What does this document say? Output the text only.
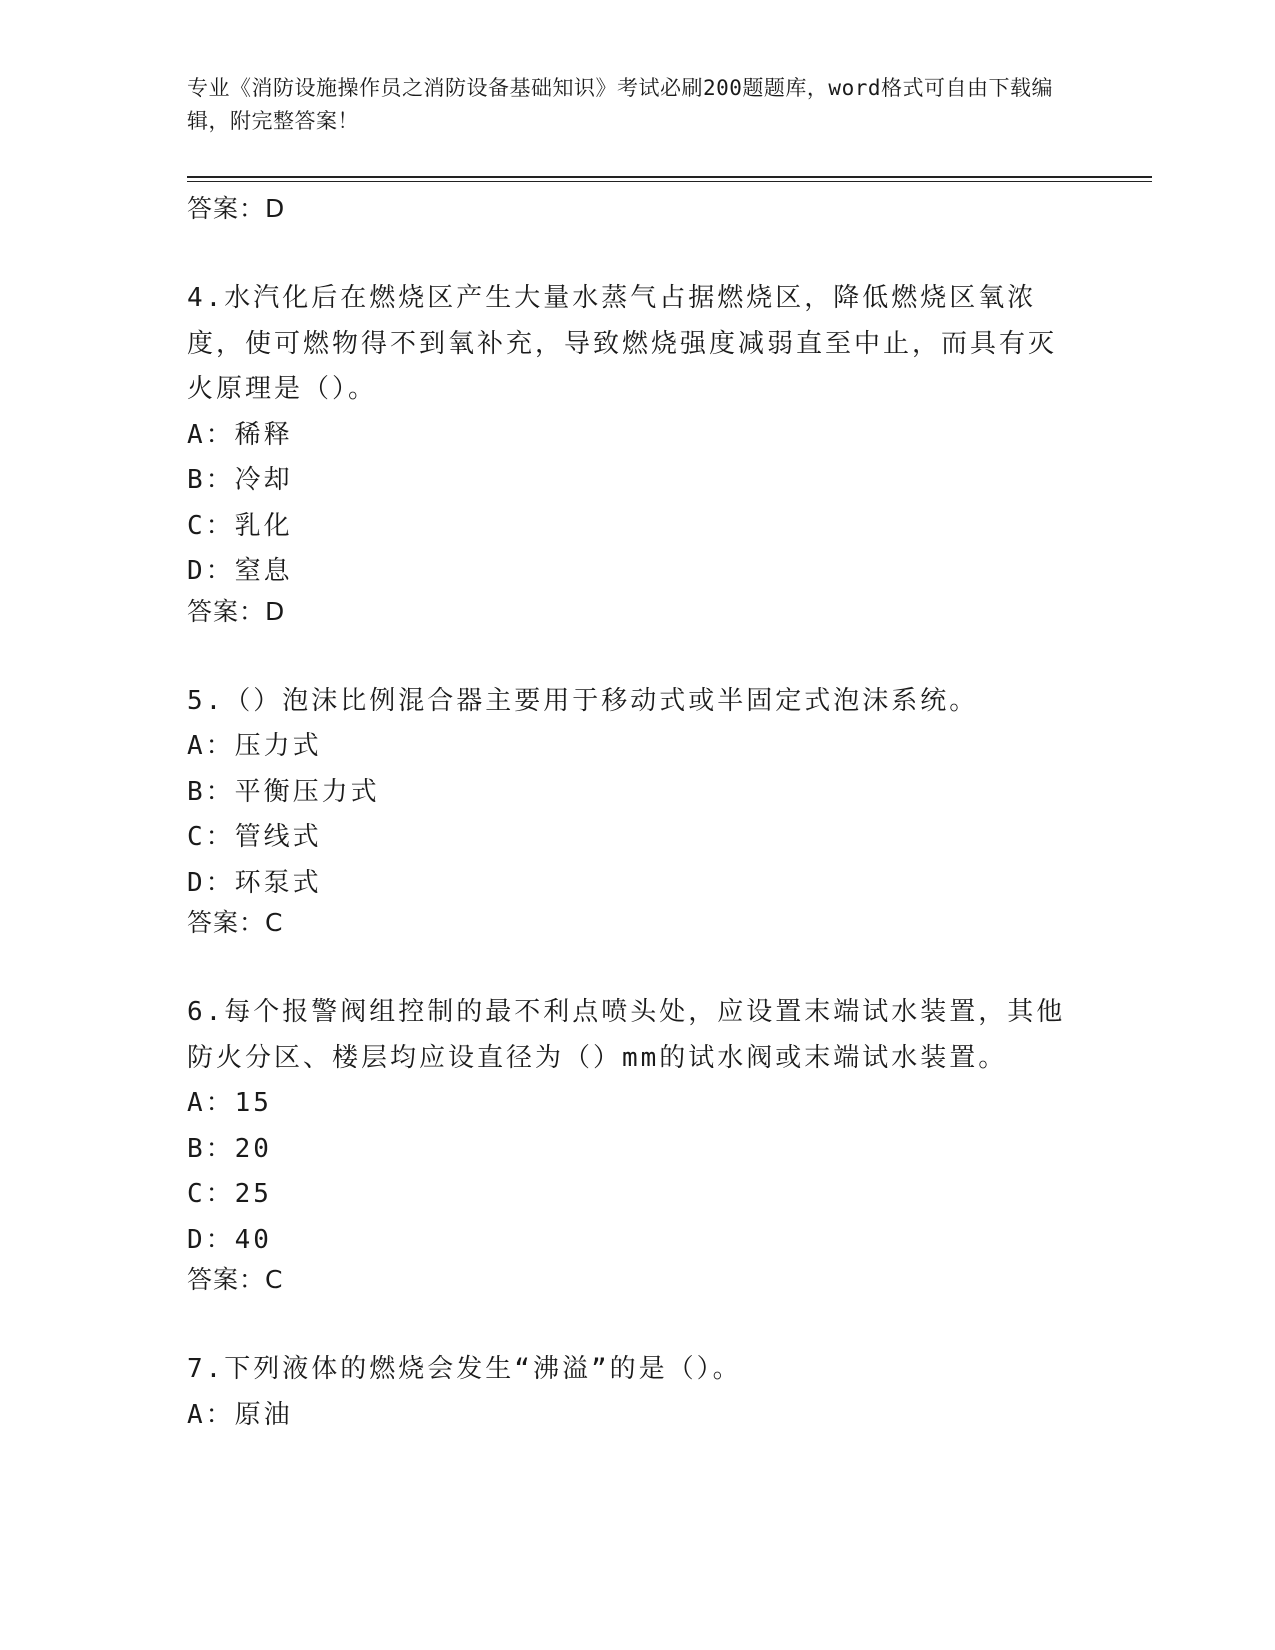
专业《消防设施操作员之消防设备基础知识》考试必刷200题题库，word格式可自由下载编辑，附完整答案！

答案：D

4.水汽化后在燃烧区产生大量水蒸气占据燃烧区，降低燃烧区氧浓度，使可燃物得不到氧补充，导致燃烧强度减弱直至中止，而具有灭火原理是（）。

A：稀释

B：冷却

C：乳化

D：窒息

答案：D

5.（）泡沫比例混合器主要用于移动式或半固定式泡沫系统。

A：压力式

B：平衡压力式

C：管线式

D：环泵式

答案：C

6.每个报警阀组控制的最不利点喷头处，应设置末端试水装置，其他防火分区、楼层均应设直径为（）mm的试水阀或末端试水装置。

A：15

B：20

C：25

D：40

答案：C

7.下列液体的燃烧会发生“沸溢”的是（）。

A：原油
